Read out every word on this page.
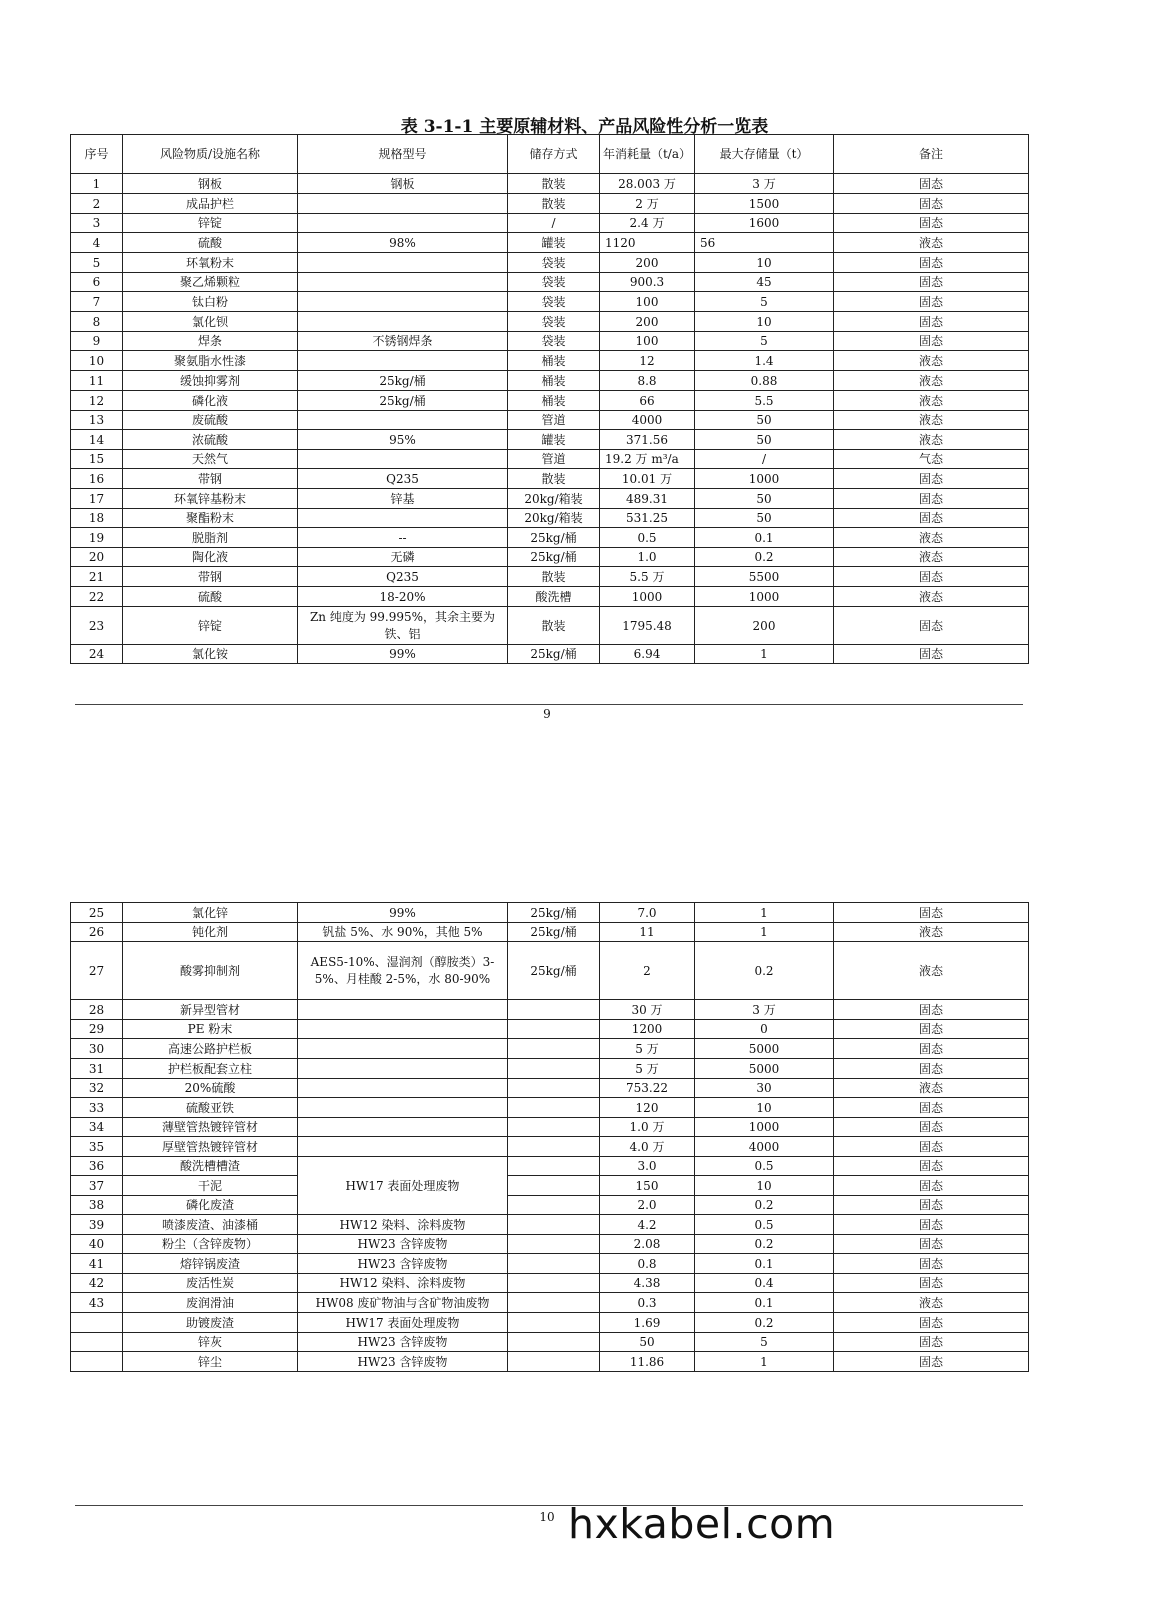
表 3-1-1 主要原辅材料、产品风险性分析一览表
序号	风险物质/设施名称	规格型号	储存方式	年消耗量（t/a）	最大存储量（t）	备注
1	钢板	钢板	散装	28.003 万	3 万	固态
2	成品护栏		散装	2 万	1500	固态
3	锌锭		/	2.4 万	1600	固态
4	硫酸	98%	罐装	1120	56	液态
5	环氧粉末		袋装	200	10	固态
6	聚乙烯颗粒		袋装	900.3	45	固态
7	钛白粉		袋装	100	5	固态
8	氯化钡		袋装	200	10	固态
9	焊条	不锈钢焊条	袋装	100	5	固态
10	聚氨脂水性漆		桶装	12	1.4	液态
11	缓蚀抑雾剂	25kg/桶	桶装	8.8	0.88	液态
12	磷化液	25kg/桶	桶装	66	5.5	液态
13	废硫酸		管道	4000	50	液态
14	浓硫酸	95%	罐装	371.56	50	液态
15	天然气		管道	19.2 万 m³/a	/	气态
16	带钢	Q235	散装	10.01 万	1000	固态
17	环氧锌基粉末	锌基	20kg/箱装	489.31	50	固态
18	聚酯粉末		20kg/箱装	531.25	50	固态
19	脱脂剂	--	25kg/桶	0.5	0.1	液态
20	陶化液	无磷	25kg/桶	1.0	0.2	液态
21	带钢	Q235	散装	5.5 万	5500	固态
22	硫酸	18-20%	酸洗槽	1000	1000	液态
23	锌锭	Zn 纯度为 99.995%，其余主要为铁、铝	散装	1795.48	200	固态
24	氯化铵	99%	25kg/桶	6.94	1	固态
9
25	氯化锌	99%	25kg/桶	7.0	1	固态
26	钝化剂	钒盐 5%、水 90%，其他 5%	25kg/桶	11	1	液态
27	酸雾抑制剂	AES5-10%、湿润剂（醇胺类）3-5%、月桂酸 2-5%，水 80-90%	25kg/桶	2	0.2	液态
28	新异型管材			30 万	3 万	固态
29	PE 粉末			1200	0	固态
30	高速公路护栏板			5 万	5000	固态
31	护栏板配套立柱			5 万	5000	固态
32	20%硫酸			753.22	30	液态
33	硫酸亚铁			120	10	固态
34	薄壁管热镀锌管材			1.0 万	1000	固态
35	厚壁管热镀锌管材			4.0 万	4000	固态
36	酸洗槽槽渣	HW17 表面处理废物		3.0	0.5	固态
37	干泥			150	10	固态
38	磷化废渣			2.0	0.2	固态
39	喷漆废渣、油漆桶	HW12 染料、涂料废物		4.2	0.5	固态
40	粉尘（含锌废物）	HW23 含锌废物		2.08	0.2	固态
41	熔锌锅废渣	HW23 含锌废物		0.8	0.1	固态
42	废活性炭	HW12 染料、涂料废物		4.38	0.4	固态
43	废润滑油	HW08 废矿物油与含矿物油废物		0.3	0.1	液态
	助镀废渣	HW17 表面处理废物		1.69	0.2	固态
	锌灰	HW23 含锌废物		50	5	固态
	锌尘	HW23 含锌废物		11.86	1	固态
10 hxkabel.com
